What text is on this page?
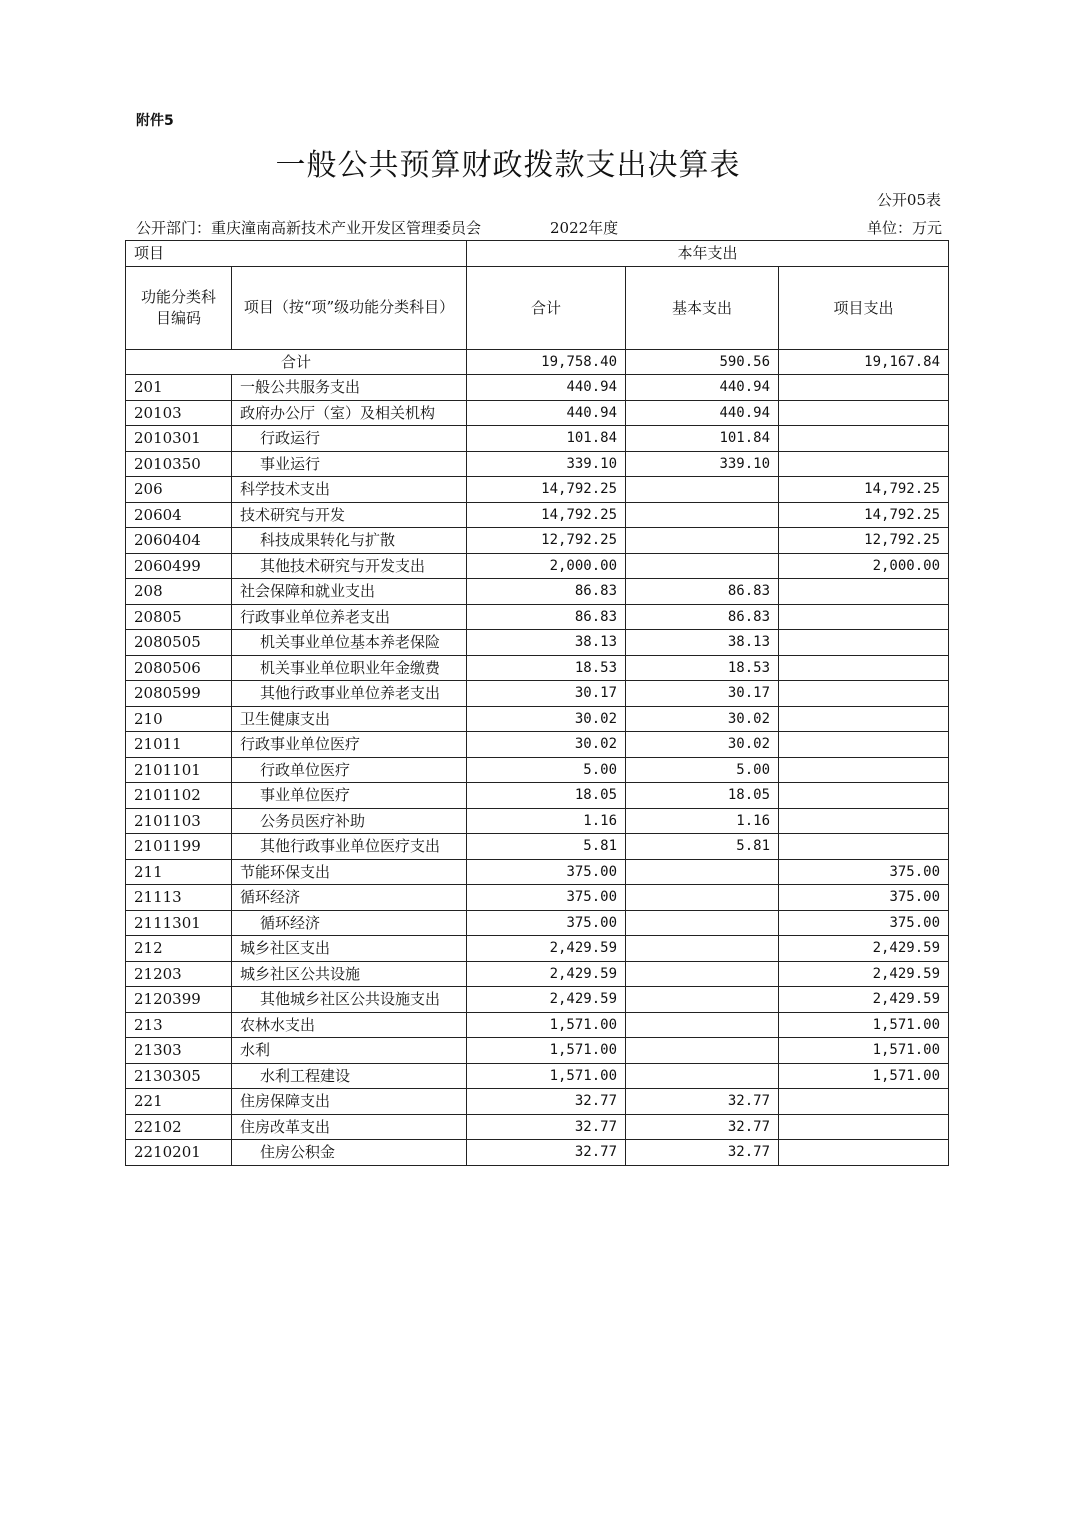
附件5
一般公共预算财政拨款支出决算表
公开05表
公开部门：重庆潼南高新技术产业开发区管理委员会	2022年度	单位：万元
项目		本年支出		
功能分类科目编码	项目（按“项”级功能分类科目）	合计	基本支出	项目支出
合计		19,758.40	590.56	19,167.84
201	一般公共服务支出	440.94	440.94	
20103	政府办公厅（室）及相关机构	440.94	440.94	
2010301	行政运行	101.84	101.84	
2010350	事业运行	339.10	339.10	
206	科学技术支出	14,792.25		14,792.25
20604	技术研究与开发	14,792.25		14,792.25
2060404	科技成果转化与扩散	12,792.25		12,792.25
2060499	其他技术研究与开发支出	2,000.00		2,000.00
208	社会保障和就业支出	86.83	86.83	
20805	行政事业单位养老支出	86.83	86.83	
2080505	机关事业单位基本养老保险	38.13	38.13	
2080506	机关事业单位职业年金缴费	18.53	18.53	
2080599	其他行政事业单位养老支出	30.17	30.17	
210	卫生健康支出	30.02	30.02	
21011	行政事业单位医疗	30.02	30.02	
2101101	行政单位医疗	5.00	5.00	
2101102	事业单位医疗	18.05	18.05	
2101103	公务员医疗补助	1.16	1.16	
2101199	其他行政事业单位医疗支出	5.81	5.81	
211	节能环保支出	375.00		375.00
21113	循环经济	375.00		375.00
2111301	循环经济	375.00		375.00
212	城乡社区支出	2,429.59		2,429.59
21203	城乡社区公共设施	2,429.59		2,429.59
2120399	其他城乡社区公共设施支出	2,429.59		2,429.59
213	农林水支出	1,571.00		1,571.00
21303	水利	1,571.00		1,571.00
2130305	水利工程建设	1,571.00		1,571.00
221	住房保障支出	32.77	32.77	
22102	住房改革支出	32.77	32.77	
2210201	住房公积金	32.77	32.77	
